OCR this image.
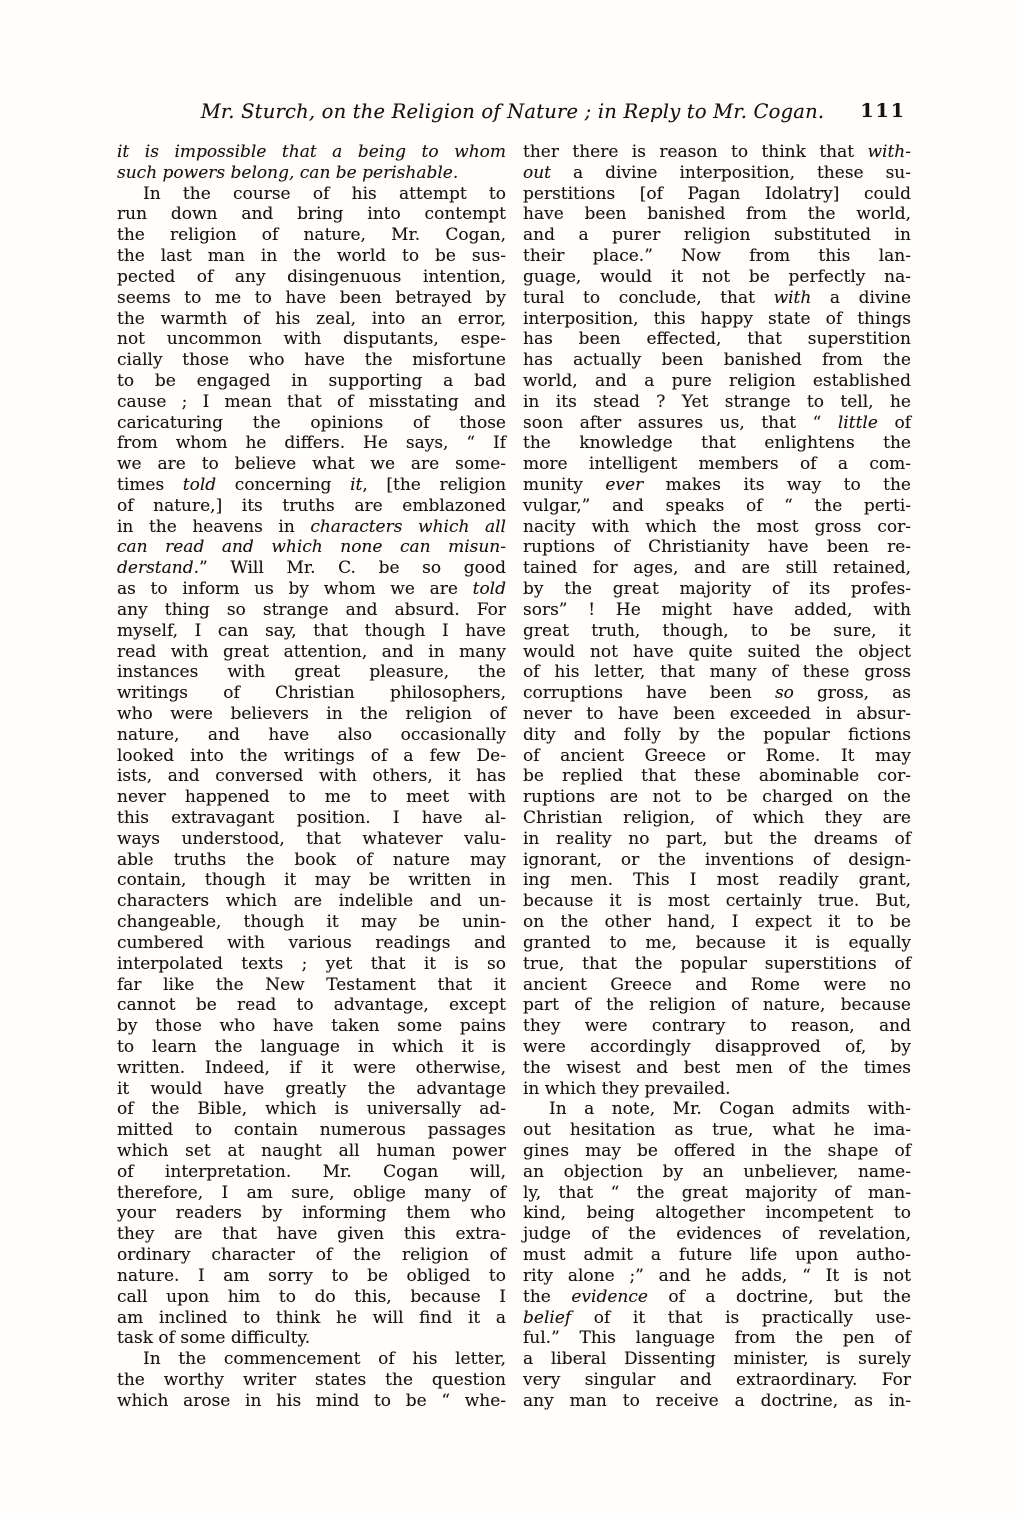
Mr. Sturch, on the Religion of Nature ; in Reply to Mr. Cogan.	111
it is impossible that a being to whom
such powers belong, can be perishable.
In the course of his attempt to
run down and bring into contempt
the religion of nature, Mr. Cogan,
the last man in the world to be sus-
pected of any disingenuous intention,
seems to me to have been betrayed by
the warmth of his zeal, into an error,
not uncommon with disputants, espe-
cially those who have the misfortune
to be engaged in supporting a bad
cause ; I mean that of misstating and
caricaturing the opinions of those
from whom he differs. He says, “ If
we are to believe what we are some-
times told concerning it, [the religion
of nature,] its truths are emblazoned
in the heavens in characters which all
can read and which none can misun-
derstand.” Will Mr. C. be so good
as to inform us by whom we are told
any thing so strange and absurd. For
myself, I can say, that though I have
read with great attention, and in many
instances with great pleasure, the
writings of Christian philosophers,
who were believers in the religion of
nature, and have also occasionally
looked into the writings of a few De-
ists, and conversed with others, it has
never happened to me to meet with
this extravagant position. I have al-
ways understood, that whatever valu-
able truths the book of nature may
contain, though it may be written in
characters which are indelible and un-
changeable, though it may be unin-
cumbered with various readings and
interpolated texts ; yet that it is so
far like the New Testament that it
cannot be read to advantage, except
by those who have taken some pains
to learn the language in which it is
written. Indeed, if it were otherwise,
it would have greatly the advantage
of the Bible, which is universally ad-
mitted to contain numerous passages
which set at naught all human power
of interpretation. Mr. Cogan will,
therefore, I am sure, oblige many of
your readers by informing them who
they are that have given this extra-
ordinary character of the religion of
nature. I am sorry to be obliged to
call upon him to do this, because I
am inclined to think he will find it a
task of some difficulty.
In the commencement of his letter,
the worthy writer states the question
which arose in his mind to be “ whe-
ther there is reason to think that with-
out a divine interposition, these su-
perstitions [of Pagan Idolatry] could
have been banished from the world,
and a purer religion substituted in
their place.” Now from this lan-
guage, would it not be perfectly na-
tural to conclude, that with a divine
interposition, this happy state of things
has been effected, that superstition
has actually been banished from the
world, and a pure religion established
in its stead ? Yet strange to tell, he
soon after assures us, that “ little of
the knowledge that enlightens the
more intelligent members of a com-
munity ever makes its way to the
vulgar,” and speaks of “ the perti-
nacity with which the most gross cor-
ruptions of Christianity have been re-
tained for ages, and are still retained,
by the great majority of its profes-
sors” ! He might have added, with
great truth, though, to be sure, it
would not have quite suited the object
of his letter, that many of these gross
corruptions have been so gross, as
never to have been exceeded in absur-
dity and folly by the popular fictions
of ancient Greece or Rome. It may
be replied that these abominable cor-
ruptions are not to be charged on the
Christian religion, of which they are
in reality no part, but the dreams of
ignorant, or the inventions of design-
ing men. This I most readily grant,
because it is most certainly true. But,
on the other hand, I expect it to be
granted to me, because it is equally
true, that the popular superstitions of
ancient Greece and Rome were no
part of the religion of nature, because
they were contrary to reason, and
were accordingly disapproved of, by
the wisest and best men of the times
in which they prevailed.
In a note, Mr. Cogan admits with-
out hesitation as true, what he ima-
gines may be offered in the shape of
an objection by an unbeliever, name-
ly, that “ the great majority of man-
kind, being altogether incompetent to
judge of the evidences of revelation,
must admit a future life upon autho-
rity alone ;” and he adds, “ It is not
the evidence of a doctrine, but the
belief of it that is practically use-
ful.” This language from the pen of
a liberal Dissenting minister, is surely
very singular and extraordinary. For
any man to receive a doctrine, as in-
